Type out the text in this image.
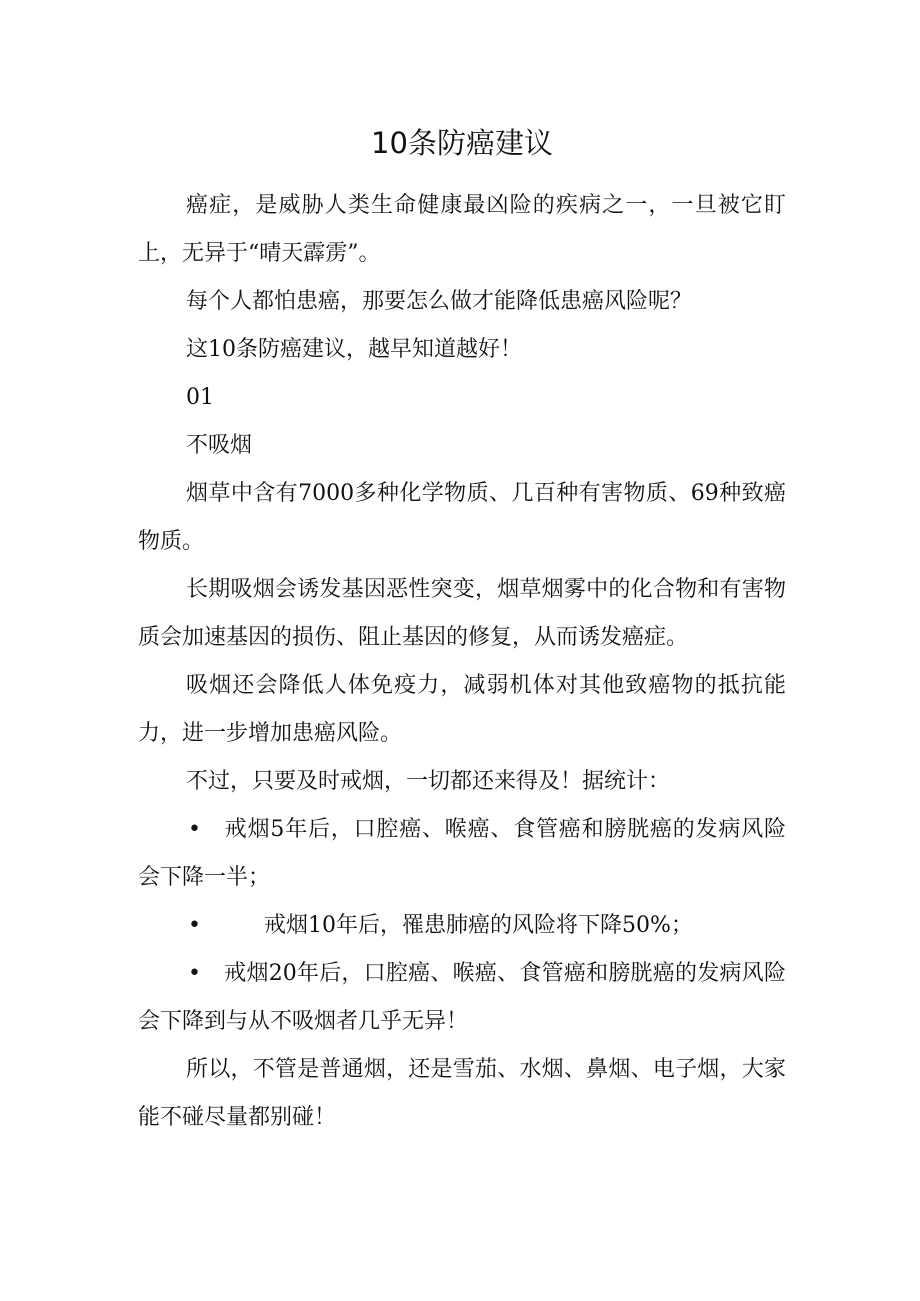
10条防癌建议

癌症，是威胁人类生命健康最凶险的疾病之一，一旦被它盯上，无异于“晴天霹雳”。

每个人都怕患癌，那要怎么做才能降低患癌风险呢？

这10条防癌建议，越早知道越好！

01

不吸烟

烟草中含有7000多种化学物质、几百种有害物质、69种致癌物质。

长期吸烟会诱发基因恶性突变，烟草烟雾中的化合物和有害物质会加速基因的损伤、阻止基因的修复，从而诱发癌症。

吸烟还会降低人体免疫力，减弱机体对其他致癌物的抵抗能力，进一步增加患癌风险。

不过，只要及时戒烟，一切都还来得及！据统计：

• 戒烟5年后，口腔癌、喉癌、食管癌和膀胱癌的发病风险会下降一半；

•	戒烟10年后，罹患肺癌的风险将下降50%；

• 戒烟20年后，口腔癌、喉癌、食管癌和膀胱癌的发病风险会下降到与从不吸烟者几乎无异！

所以，不管是普通烟，还是雪茄、水烟、鼻烟、电子烟，大家能不碰尽量都别碰！
